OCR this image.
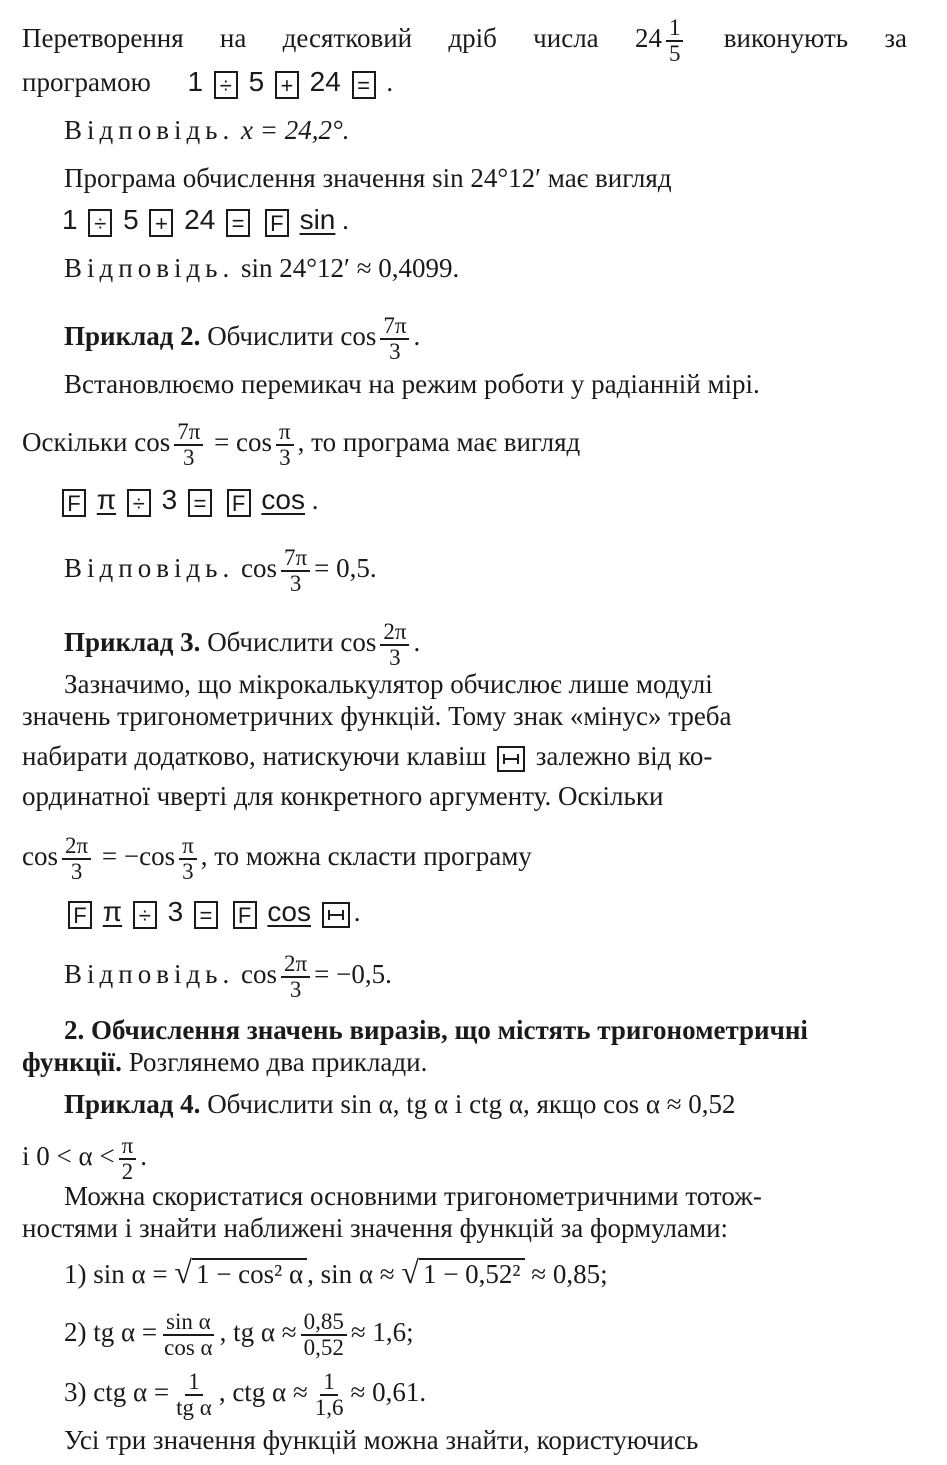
Перетворення на десятковий дріб числа $24 \frac{1}{5}$ виконують за
програмою 1 ÷ 5 + 24 = .
Відповідь. x = 24,2°.
Програма обчислення значення sin 24°12′ має вигляд
1 ÷ 5 + 24 = F sin .
Відповідь. sin 24°12′ ≈ 0,4099.
Приклад 2. Обчислити $\cos \frac{7\pi}{3}$ .
Встановлюємо перемикач на режим роботи у радіанній мірі.
Оскільки $\cos \frac{7\pi}{3} = \cos \frac{\pi}{3}$ , то програма має вигляд
F π ÷ 3 = F cos .
Відповідь. $\cos \frac{7\pi}{3} = 0,5$.
Приклад 3. Обчислити $\cos \frac{2\pi}{3}$ .
Зазначимо, що мікрокалькулятор обчислює лише модулі
значень тригонометричних функцій. Тому знак «мінус» треба
набирати додатково, натискуючи клавіш залежно від ко-
ординатної чверті для конкретного аргументу. Оскільки
$\cos \frac{2\pi}{3} = -\cos \frac{\pi}{3}$ , то можна скласти програму
F π ÷ 3 = F cos .
Відповідь. $\cos \frac{2\pi}{3} = -0,5$.
2. Обчислення значень виразів, що містять тригонометричні
функції. Розглянемо два приклади.
Приклад 4. Обчислити sin α, tg α і ctg α, якщо cos α ≈ 0,52
і $0 < \alpha < \frac{\pi}{2}$ .
Можна скористатися основними тригонометричними тотож-
ностями і знайти наближені значення функцій за формулами:
1) sin α = √ 1 − cos² α , sin α ≈ √ 1 − 0,52² ≈ 0,85;
2) tg $\alpha = \frac{\text{sin α}}{\text{cos α}}$ , tg $\alpha \approx \frac{0,85}{0,52} \approx 1,6$;
3) ctg $\alpha = \frac{1}{\text{tg α}}$ , ctg $\alpha \approx \frac{1}{1,6} \approx 0,61$.
Усі три значення функцій можна знайти, користуючись
